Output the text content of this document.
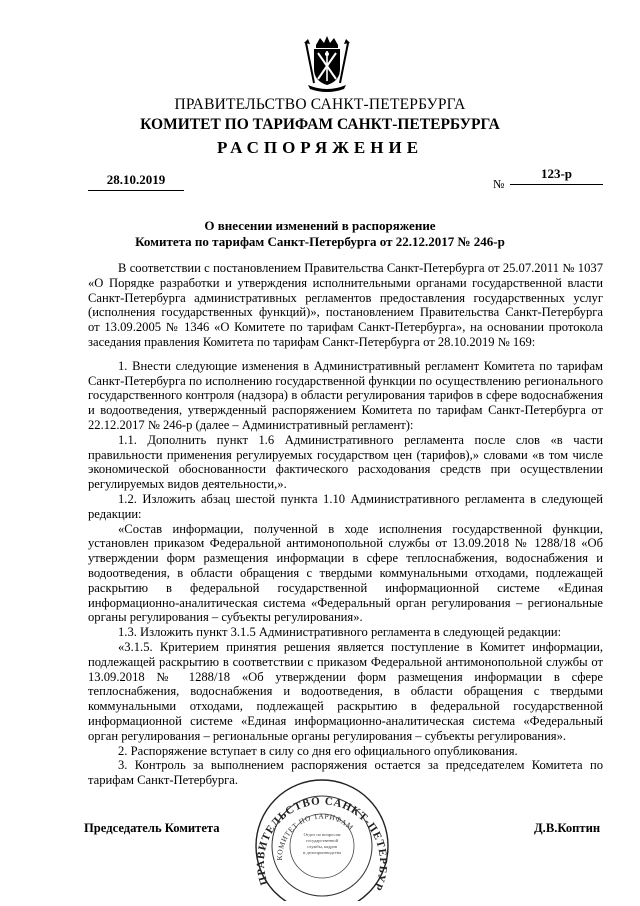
ПРАВИТЕЛЬСТВО САНКТ-ПЕТЕРБУРГА
КОМИТЕТ ПО ТАРИФАМ САНКТ-ПЕТЕРБУРГА
РАСПОРЯЖЕНИЕ
28.10.2019	№
123-р
О внесении изменений в распоряжение
Комитета по тарифам Санкт-Петербурга от 22.12.2017 № 246-р

В соответствии с постановлением Правительства Санкт-Петербурга от 25.07.2011 № 1037 «О Порядке разработки и утверждения исполнительными органами государственной власти Санкт-Петербурга административных регламентов предоставления государственных услуг (исполнения государственных функций)», постановлением Правительства Санкт-Петербурга от 13.09.2005 № 1346 «О Комитете по тарифам Санкт-Петербурга», на основании протокола заседания правления Комитета по тарифам Санкт-Петербурга от 28.10.2019 № 169:

1. Внести следующие изменения в Административный регламент Комитета по тарифам Санкт-Петербурга по исполнению государственной функции по осуществлению регионального государственного контроля (надзора) в области регулирования тарифов в сфере водоснабжения и водоотведения, утвержденный распоряжением Комитета по тарифам Санкт-Петербурга от 22.12.2017 № 246-р (далее – Административный регламент):

1.1. Дополнить пункт 1.6 Административного регламента после слов «в части правильности применения регулируемых государством цен (тарифов),» словами «в том числе экономической обоснованности фактического расходования средств при осуществлении регулируемых видов деятельности,».

1.2. Изложить абзац шестой пункта 1.10 Административного регламента в следующей редакции:

«Состав информации, полученной в ходе исполнения государственной функции, установлен приказом Федеральной антимонопольной службы от 13.09.2018 № 1288/18 «Об утверждении форм размещения информации в сфере теплоснабжения, водоснабжения и водоотведения, в области обращения с твердыми коммунальными отходами, подлежащей раскрытию в федеральной государственной информационной системе «Единая информационно-аналитическая система «Федеральный орган регулирования – региональные органы регулирования – субъекты регулирования».

1.3. Изложить пункт 3.1.5 Административного регламента в следующей редакции:

«3.1.5. Критерием принятия решения является поступление в Комитет информации, подлежащей раскрытию в соответствии с приказом Федеральной антимонопольной службы от 13.09.2018 № 1288/18 «Об утверждении форм размещения информации в сфере теплоснабжения, водоснабжения и водоотведения, в области обращения с твердыми коммунальными отходами, подлежащей раскрытию в федеральной государственной информационной системе «Единая информационно-аналитическая система «Федеральный орган регулирования – региональные органы регулирования – субъекты регулирования».

2. Распоряжение вступает в силу со дня его официального опубликования.

3. Контроль за выполнением распоряжения остается за председателем Комитета по тарифам Санкт-Петербурга.

ПРАВИТЕЛЬСТВО САНКТ-ПЕТЕРБУР
КОМИТЕТ ПО ТАРИФАМ
Отдел по вопросам
государственной
службы, кадров
и делопроизводства
Председатель Комитета	Д.В.Коптин
